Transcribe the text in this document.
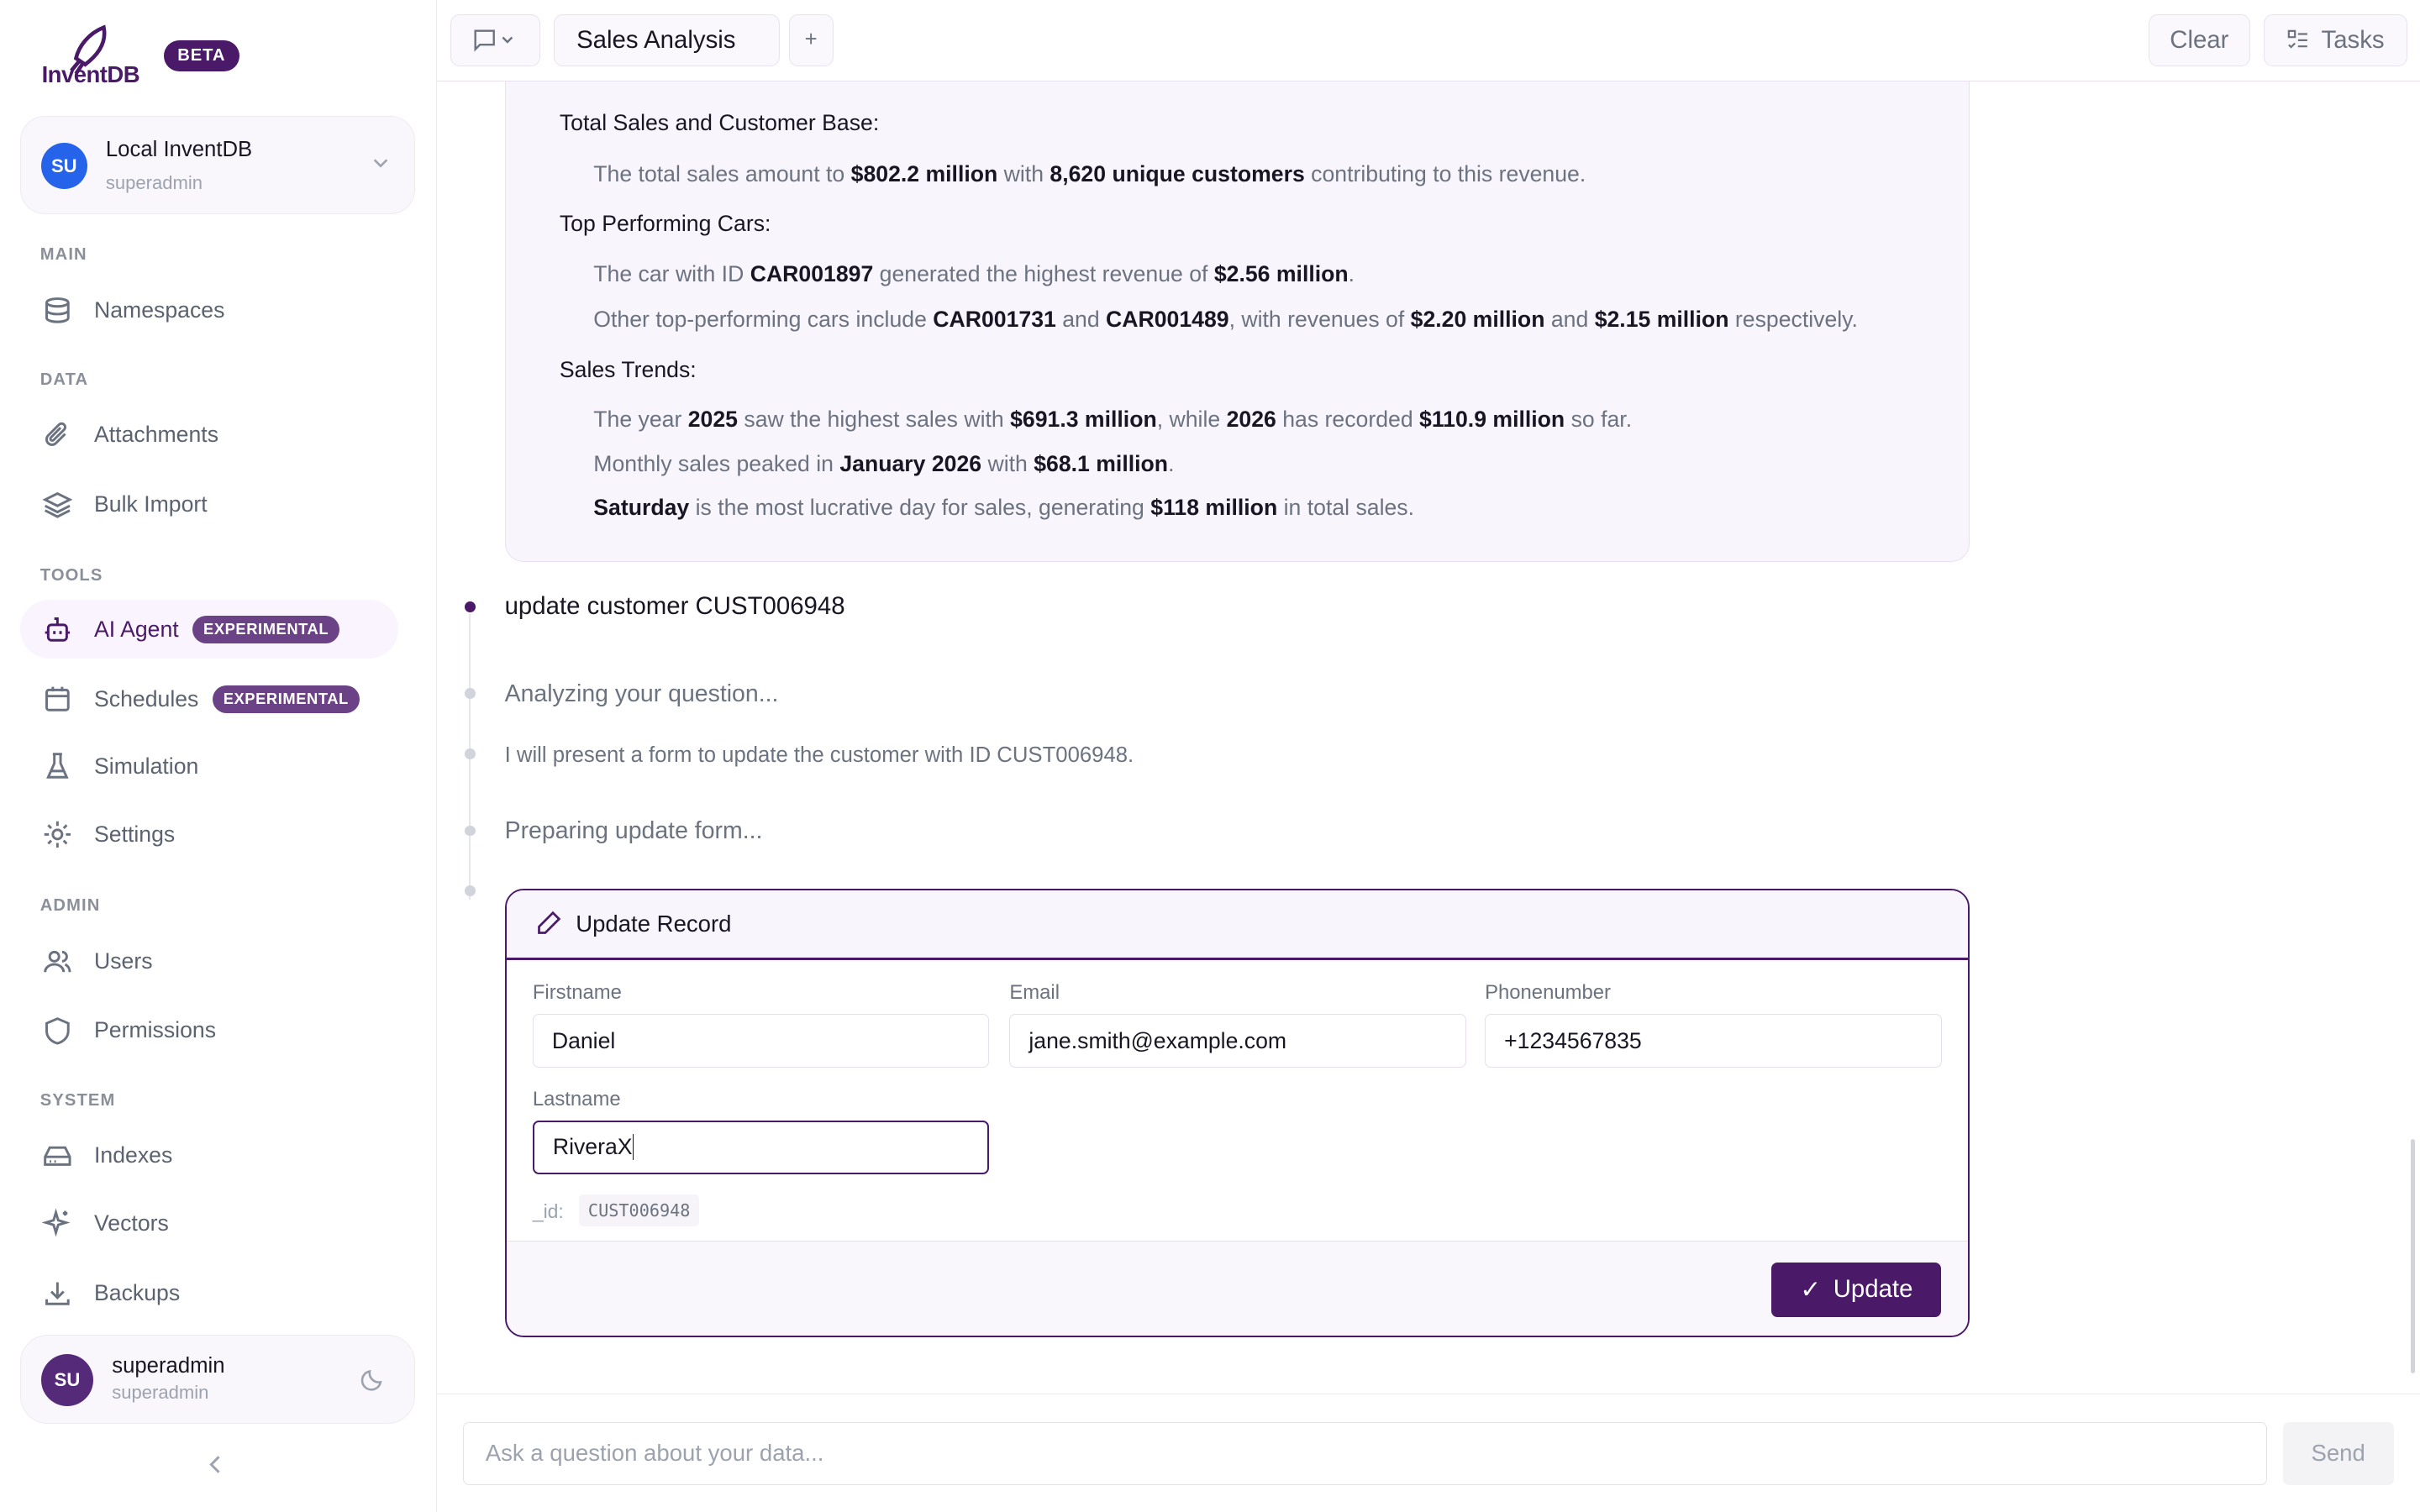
InventDB
BETA
SU
Local InventDB
superadmin
MAIN
Namespaces
DATA
Attachments
Bulk Import
TOOLS
AI Agent	EXPERIMENTAL
Schedules	EXPERIMENTAL
Simulation
Settings
ADMIN
Users
Permissions
SYSTEM
Indexes
Vectors
Backups
SU
superadmin
superadmin
Sales Analysis	+	Clear	Tasks
Total Sales and Customer Base:
The total sales amount to $802.2 million with 8,620 unique customers contributing to this revenue.
Top Performing Cars:
The car with ID CAR001897 generated the highest revenue of $2.56 million.
Other top-performing cars include CAR001731 and CAR001489, with revenues of $2.20 million and $2.15 million respectively.
Sales Trends:
The year 2025 saw the highest sales with $691.3 million, while 2026 has recorded $110.9 million so far.
Monthly sales peaked in January 2026 with $68.1 million.
Saturday is the most lucrative day for sales, generating $118 million in total sales.
update customer CUST006948
Analyzing your question...
I will present a form to update the customer with ID CUST006948.
Preparing update form...
Update Record
Firstname
Daniel
Email
jane.smith@example.com
Phonenumber
+1234567835
Lastname
RiveraX
_id:	CUST006948
✓ Update
Ask a question about your data...	Send
